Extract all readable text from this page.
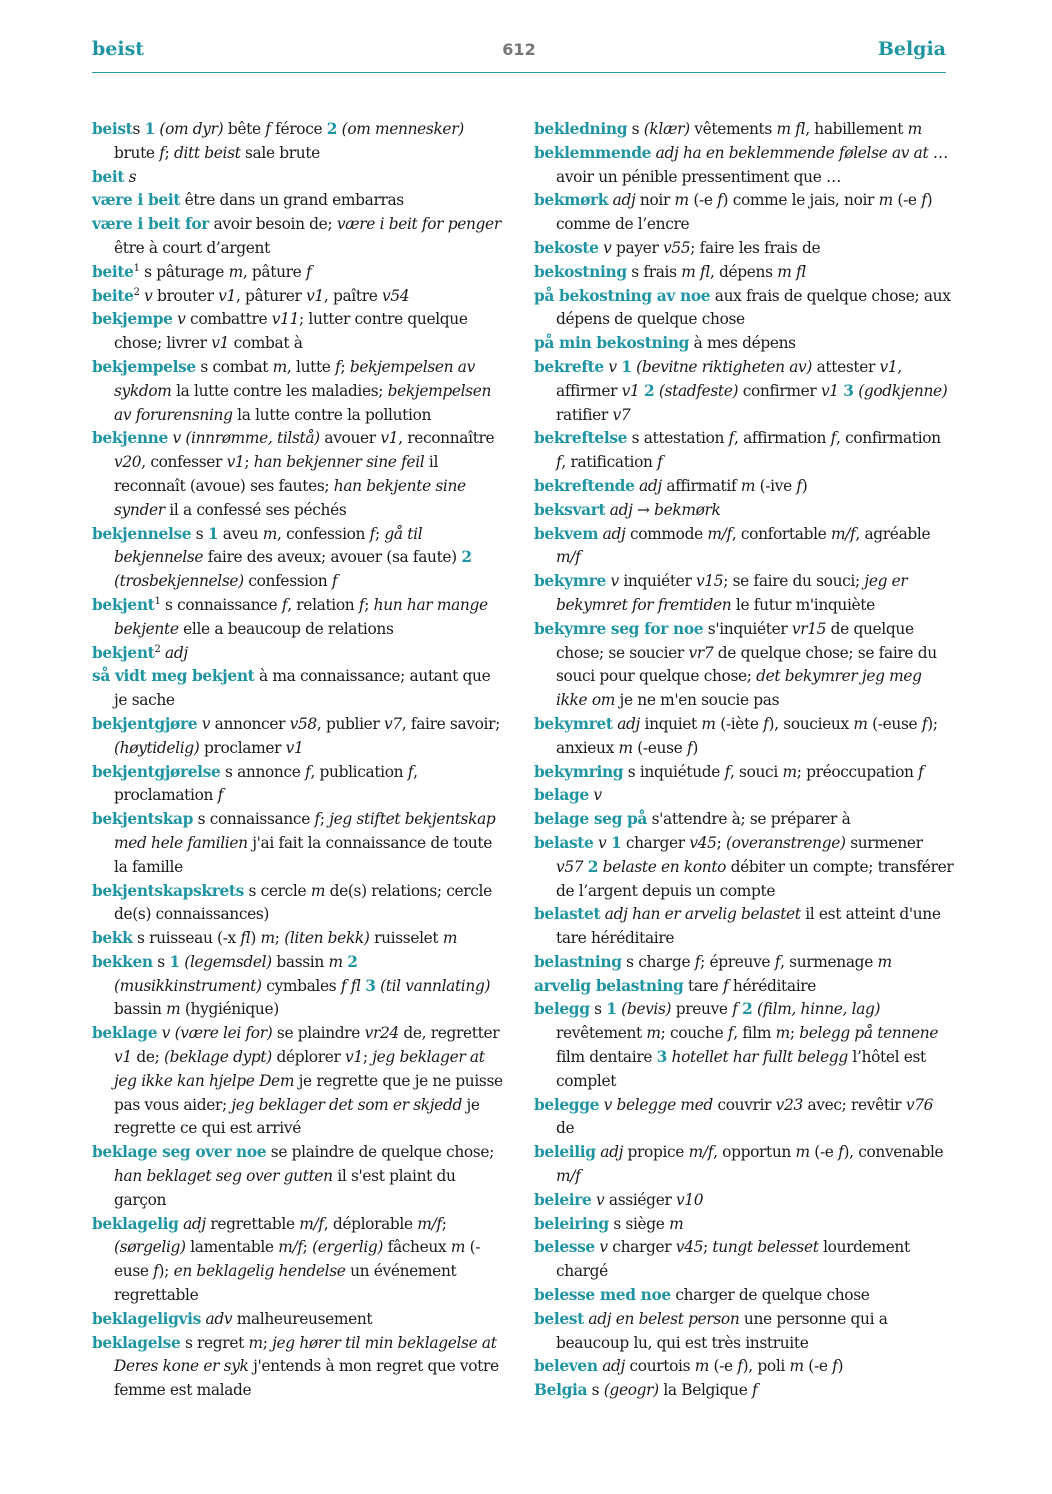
beist	612	Belgia

beists 1 (om dyr) bête f féroce 2 (om mennesker) brute f; ditt beist sale brute

beit s

være i beit être dans un grand embarras

være i beit for avoir besoin de; være i beit for penger être à court d’argent

beite$^1$ s pâturage m, pâture f

beite$^2$ v brouter v1, pâturer v1, paître v54

bekjempe v combattre v11; lutter contre quelque chose; livrer v1 combat à

bekjempelse s combat m, lutte f; bekjempelsen av sykdom la lutte contre les maladies; bekjempelsen av forurensning la lutte contre la pollution

bekjenne v (innrømme, tilstå) avouer v1, reconnaître v20, confesser v1; han bekjenner sine feil il reconnaît (avoue) ses fautes; han bekjente sine synder il a confessé ses péchés

bekjennelse s 1 aveu m, confession f; gå til bekjennelse faire des aveux; avouer (sa faute) 2 (trosbekjennelse) confession f

bekjent$^1$ s connaissance f, relation f; hun har mange bekjente elle a beaucoup de relations

bekjent$^2$ adj

så vidt meg bekjent à ma connaissance; autant que je sache

bekjentgjøre v annoncer v58, publier v7, faire savoir; (høytidelig) proclamer v1

bekjentgjørelse s annonce f, publication f, proclamation f

bekjentskap s connaissance f; jeg stiftet bekjentskap med hele familien j'ai fait la connaissance de toute la famille

bekjentskapskrets s cercle m de(s) relations; cercle de(s) connaissances)

bekk s ruisseau (-x fl) m; (liten bekk) ruisselet m

bekken s 1 (legemsdel) bassin m 2 (musikkinstrument) cymbales f fl 3 (til vannlating) bassin m (hygiénique)

beklage v (være lei for) se plaindre vr24 de, regretter v1 de; (beklage dypt) déplorer v1; jeg beklager at jeg ikke kan hjelpe Dem je regrette que je ne puisse pas vous aider; jeg beklager det som er skjedd je regrette ce qui est arrivé

beklage seg over noe se plaindre de quelque chose; han beklaget seg over gutten il s'est plaint du garçon

beklagelig adj regrettable m/f, déplorable m/f; (sørgelig) lamentable m/f; (ergerlig) fâcheux m (-euse f); en beklagelig hendelse un événement regrettable

beklageligvis adv malheureusement

beklagelse s regret m; jeg hører til min beklagelse at Deres kone er syk j'entends à mon regret que votre femme est malade

bekledning s (klær) vêtements m fl, habillement m

beklemmende adj ha en beklemmende følelse av at … avoir un pénible pressentiment que …

bekmørk adj noir m (-e f) comme le jais, noir m (-e f) comme de l’encre

bekoste v payer v55; faire les frais de

bekostning s frais m fl, dépens m fl

på bekostning av noe aux frais de quelque chose; aux dépens de quelque chose

på min bekostning à mes dépens

bekrefte v 1 (bevitne riktigheten av) attester v1, affirmer v1 2 (stadfeste) confirmer v1 3 (godkjenne) ratifier v7

bekreftelse s attestation f, affirmation f, confirmation f, ratification f

bekreftende adj affirmatif m (-ive f)

beksvart adj → bekmørk

bekvem adj commode m/f, confortable m/f, agréable m/f

bekymre v inquiéter v15; se faire du souci; jeg er bekymret for fremtiden le futur m'inquiète

bekymre seg for noe s'inquiéter vr15 de quelque chose; se soucier vr7 de quelque chose; se faire du souci pour quelque chose; det bekymrer jeg meg ikke om je ne m'en soucie pas

bekymret adj inquiet m (-iète f), soucieux m (-euse f); anxieux m (-euse f)

bekymring s inquiétude f, souci m; préoccupation f

belage v

belage seg på s'attendre à; se préparer à

belaste v 1 charger v45; (overanstrenge) surmener v57 2 belaste en konto débiter un compte; transférer de l’argent depuis un compte

belastet adj han er arvelig belastet il est atteint d'une tare héréditaire

belastning s charge f; épreuve f, surmenage m

arvelig belastning tare f héréditaire

belegg s 1 (bevis) preuve f 2 (film, hinne, lag) revêtement m; couche f, film m; belegg på tennene film dentaire 3 hotellet har fullt belegg l’hôtel est complet

belegge v belegge med couvrir v23 avec; revêtir v76 de

beleilig adj propice m/f, opportun m (-e f), convenable m/f

beleire v assiéger v10

beleiring s siège m

belesse v charger v45; tungt belesset lourdement chargé

belesse med noe charger de quelque chose

belest adj en belest person une personne qui a beaucoup lu, qui est très instruite

beleven adj courtois m (-e f), poli m (-e f)

Belgia s (geogr) la Belgique f
